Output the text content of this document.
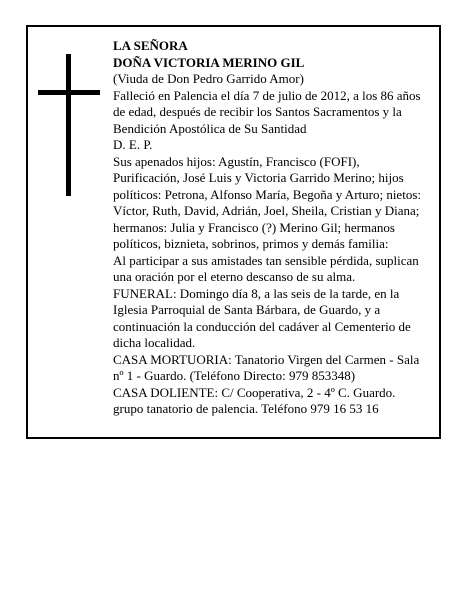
LA SEÑORA

DOÑA VICTORIA MERINO GIL

(Viuda de Don Pedro Garrido Amor)

Falleció en Palencia el día 7 de julio de 2012, a los 86 años de edad, después de recibir los Santos Sacramentos y la Bendición Apostólica de Su Santidad

D. E. P.

Sus apenados hijos: Agustín, Francisco (FOFI), Purificación, José Luis y Victoria Garrido Merino; hijos políticos: Petrona, Alfonso María, Begoña y Arturo; nietos: Víctor, Ruth, David, Adrián, Joel, Sheila, Cristian y Diana; hermanos: Julia y Francisco (?) Merino Gil; hermanos políticos, biznieta, sobrinos, primos y demás familia:

Al participar a sus amistades tan sensible pérdida, suplican una oración por el eterno descanso de su alma.

FUNERAL: Domingo día 8, a las seis de la tarde, en la Iglesia Parroquial de Santa Bárbara, de Guardo, y a continuación la conducción del cadáver al Cementerio de dicha localidad.

CASA MORTUORIA: Tanatorio Virgen del Carmen - Sala nº 1 - Guardo. (Teléfono Directo: 979 853348)

CASA DOLIENTE: C/ Cooperativa, 2 - 4º C. Guardo.

grupo tanatorio de palencia. Teléfono 979 16 53 16
